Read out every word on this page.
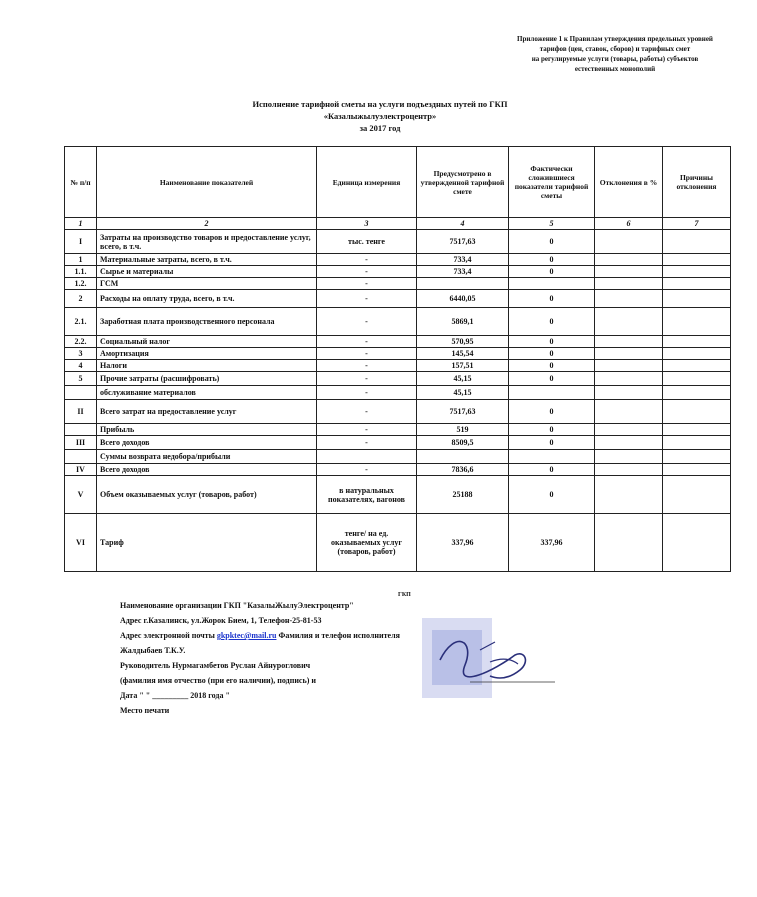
Приложение 1 к Правилам утверждения предельных уровней
тарифов (цен, ставок, сборов) и тарифных смет
на регулируемые услуги (товары, работы) субъектов
естественных монополий
Исполнение тарифной сметы на услуги подъездных путей по ГКП
«Казалыжылуэлектроцентр»
за 2017 год
№ п/п	Наименование показателей	Единица измерения	Предусмотрено в утвержденной тарифной смете	Фактически сложившиеся показатели тарифной сметы	Отклонения в %	Причины отклонения
1	2	3	4	5	6	7
I	Затраты на производство товаров и предоставление услуг, всего, в т.ч.	тыс. тенге	7517,63	0		
1	Материальные затраты, всего, в т.ч.	-	733,4	0		
1.1.	Сырье и материалы	-	733,4	0		
1.2.	ГСМ	-				
2	Расходы на оплату труда, всего, в т.ч.	-	6440,05	0		
2.1.	Заработная плата производственного персонала	-	5869,1	0		
2.2.	Социальный налог	-	570,95	0		
3	Амортизация	-	145,54	0		
4	Налоги	-	157,51	0		
5	Прочие затраты (расшифровать)	-	45,15	0		
	обслуживание материалов	-	45,15			
II	Всего затрат на предоставление услуг	-	7517,63	0		
	Прибыль	-	519	0		
III	Всего доходов	-	8509,5	0		
	Суммы возврата недобора/прибыли					
IV	Всего доходов	-	7836,6	0		
V	Объем оказываемых услуг (товаров, работ)	в натуральных показателях, вагонов	25188	0		
VI	Тариф	тенге/ на ед. оказываемых услуг (товаров, работ)	337,96	337,96		
Наименование организации ГКП "КазалыЖылуЭлектроцентр"
Адрес г.Казалинск, ул.Жорок Бием, 1, Телефон-25-81-53
Адрес электронной почты gkpktec@mail.ru Фамилия и телефон исполнителя Жалдыбаев Т.К.У.
Руководитель Нурмагамбетов Руслан Айнуроглович
(фамилия имя отчество (при его наличии), подпись) и
Дата " " _________ 2018 года "
Место печати
ГКП
